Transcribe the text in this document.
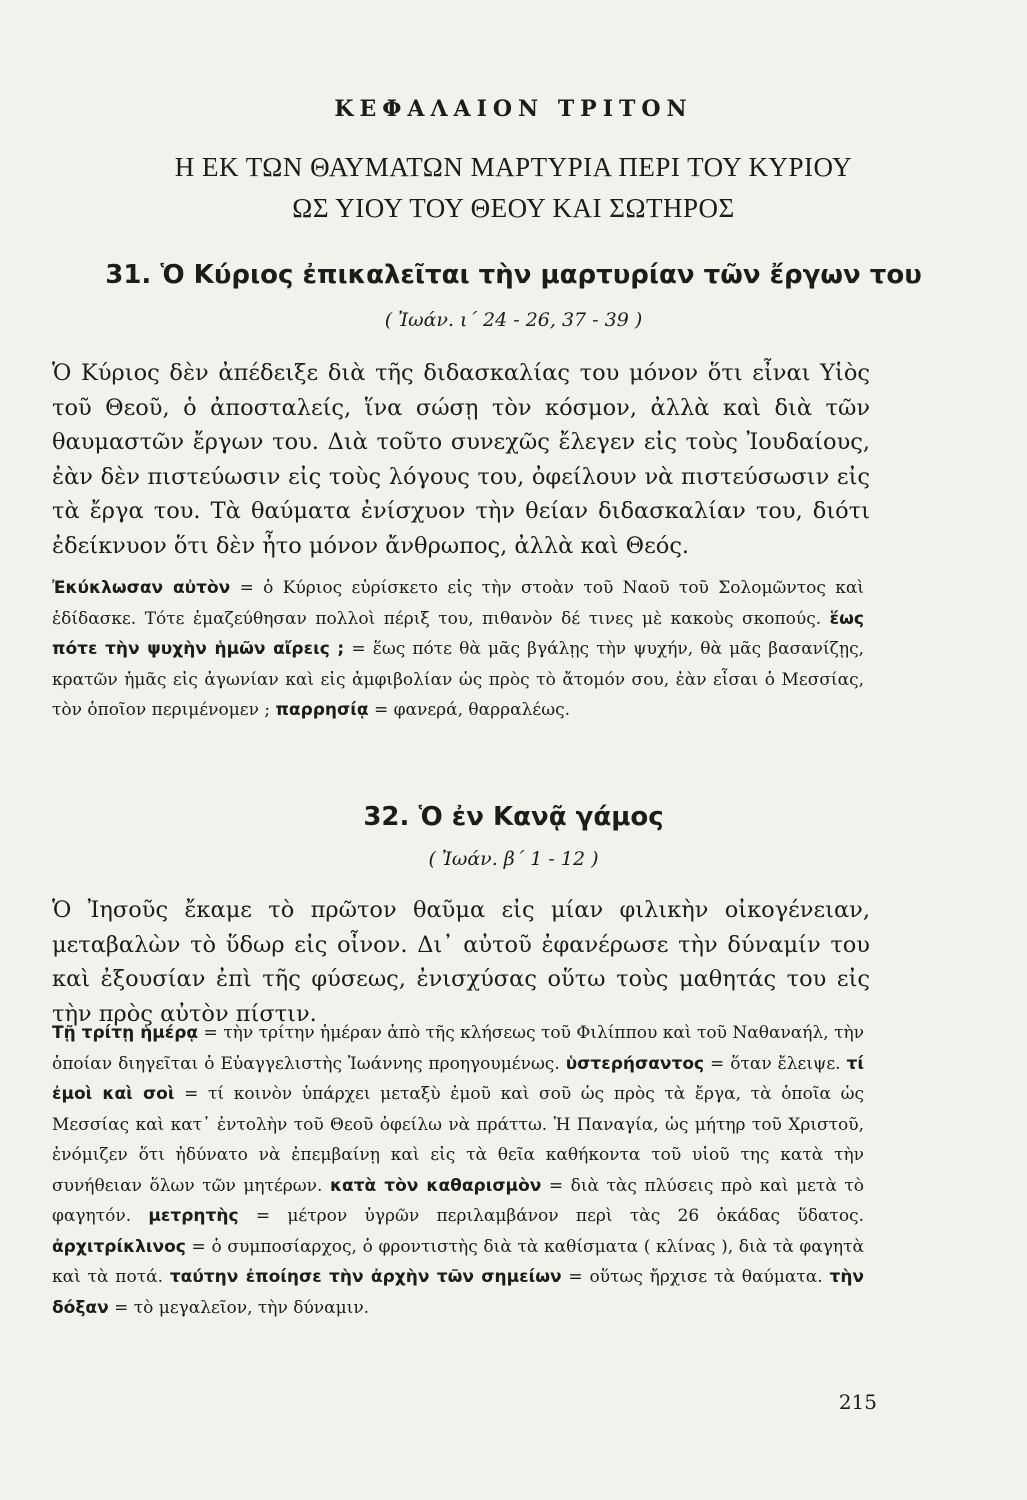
ΚΕΦΑΛΑΙΟΝ ΤΡΙΤΟΝ
Η ΕΚ ΤΩΝ ΘΑΥΜΑΤΩΝ ΜΑΡΤΥΡΙΑ ΠΕΡΙ ΤΟΥ ΚΥΡΙΟΥ
ΩΣ ΥΙΟΥ ΤΟΥ ΘΕΟΥ ΚΑΙ ΣΩΤΗΡΟΣ
31. Ὁ Κύριος ἐπικαλεῖται τὴν μαρτυρίαν τῶν ἔργων του
( Ἰωάν. ι´ 24 - 26, 37 - 39 )
Ὁ Κύριος δὲν ἀπέδειξε διὰ τῆς διδασκαλίας του μόνον ὅτι εἶναι Υἱὸς τοῦ Θεοῦ, ὁ ἀποσταλείς, ἵνα σώσῃ τὸν κόσμον, ἀλλὰ καὶ διὰ τῶν θαυμαστῶν ἔργων του. Διὰ τοῦτο συνεχῶς ἔλεγεν εἰς τοὺς Ἰουδαίους, ἐὰν δὲν πιστεύωσιν εἰς τοὺς λόγους του, ὀφείλουν νὰ πιστεύσωσιν εἰς τὰ ἔργα του. Τὰ θαύματα ἐνίσχυον τὴν θείαν διδασκαλίαν του, διότι ἐδείκνυον ὅτι δὲν ἦτο μόνον ἄνθρωπος, ἀλλὰ καὶ Θεός.
Ἐκύκλωσαν αὐτὸν = ὁ Κύριος εὑρίσκετο εἰς τὴν στοὰν τοῦ Ναοῦ τοῦ Σολομῶντος καὶ ἐδίδασκε. Τότε ἐμαζεύθησαν πολλοὶ πέριξ του, πιθανὸν δέ τινες μὲ κακοὺς σκοπούς. ἕως πότε τὴν ψυχὴν ἡμῶν αἴρεις ; = ἕως πότε θὰ μᾶς βγάλῃς τὴν ψυχήν, θὰ μᾶς βασανίζῃς, κρατῶν ἡμᾶς εἰς ἀγωνίαν καὶ εἰς ἀμφιβολίαν ὡς πρὸς τὸ ἄτομόν σου, ἐὰν εἶσαι ὁ Μεσσίας, τὸν ὁποῖον περιμένομεν ; παρρησίᾳ = φανερά, θαρραλέως.
32. Ὁ ἐν Κανᾷ γάμος
( Ἰωάν. β´ 1 - 12 )
Ὁ Ἰησοῦς ἔκαμε τὸ πρῶτον θαῦμα εἰς μίαν φιλικὴν οἰκογένειαν, μεταβαλὼν τὸ ὕδωρ εἰς οἶνον. Δι᾽ αὐτοῦ ἐφανέρωσε τὴν δύναμίν του καὶ ἐξουσίαν ἐπὶ τῆς φύσεως, ἐνισχύσας οὕτω τοὺς μαθητάς του εἰς τὴν πρὸς αὐτὸν πίστιν.
Τῇ τρίτῃ ἡμέρᾳ = τὴν τρίτην ἡμέραν ἀπὸ τῆς κλήσεως τοῦ Φιλίππου καὶ τοῦ Ναθαναήλ, τὴν ὁποίαν διηγεῖται ὁ Εὐαγγελιστὴς Ἰωάννης προηγουμένως. ὑστερήσαντος = ὅταν ἔλειψε. τί ἐμοὶ καὶ σοὶ = τί κοινὸν ὑπάρχει μεταξὺ ἐμοῦ καὶ σοῦ ὡς πρὸς τὰ ἔργα, τὰ ὁποῖα ὡς Μεσσίας καὶ κατ᾽ ἐντολὴν τοῦ Θεοῦ ὀφείλω νὰ πράττω. Ἡ Παναγία, ὡς μήτηρ τοῦ Χριστοῦ, ἐνόμιζεν ὅτι ἠδύνατο νὰ ἐπεμβαίνῃ καὶ εἰς τὰ θεῖα καθήκοντα τοῦ υἱοῦ της κατὰ τὴν συνήθειαν ὅλων τῶν μητέρων. κατὰ τὸν καθαρισμὸν = διὰ τὰς πλύσεις πρὸ καὶ μετὰ τὸ φαγητόν. μετρητὴς = μέτρον ὑγρῶν περιλαμβάνον περὶ τὰς 26 ὀκάδας ὕδατος. ἀρχιτρίκλινος = ὁ συμποσίαρχος, ὁ φροντιστὴς διὰ τὰ καθίσματα ( κλίνας ), διὰ τὰ φαγητὰ καὶ τὰ ποτά. ταύτην ἐποίησε τὴν ἀρχὴν τῶν σημείων = οὕτως ἤρχισε τὰ θαύματα. τὴν δόξαν = τὸ μεγαλεῖον, τὴν δύναμιν.
215
